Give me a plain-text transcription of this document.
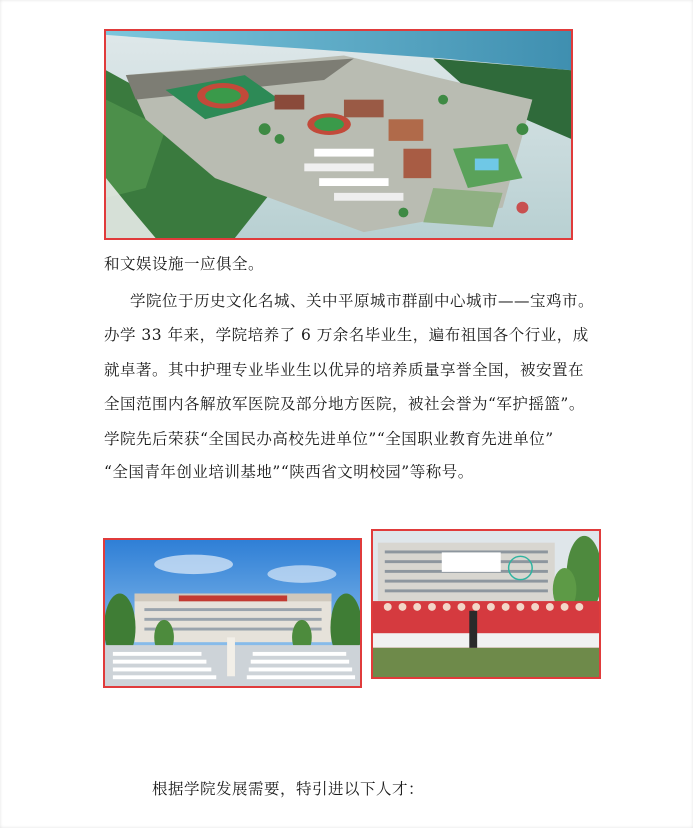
和文娱设施一应俱全。
学院位于历史文化名城、关中平原城市群副中心城市——宝鸡市。
办学 33 年来，学院培养了 6 万余名毕业生，遍布祖国各个行业，成
就卓著。其中护理专业毕业生以优异的培养质量享誉全国，被安置在
全国范围内各解放军医院及部分地方医院，被社会誉为“军护摇篮”。
学院先后荣获“全国民办高校先进单位”“全国职业教育先进单位”
“全国青年创业培训基地”“陕西省文明校园”等称号。
根据学院发展需要，特引进以下人才：
